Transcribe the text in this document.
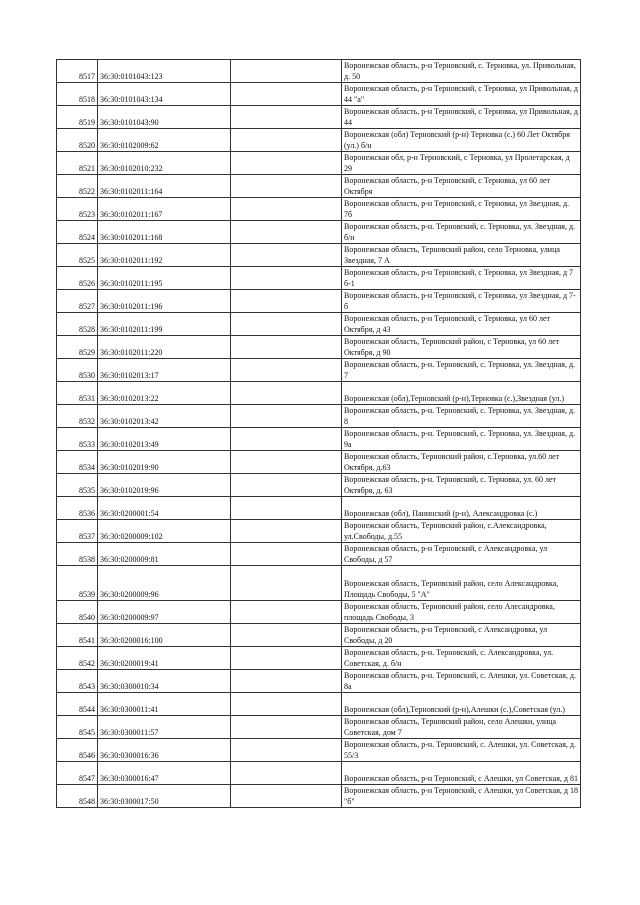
8517	36:30:0101043:123		Воронежская область, р-н Терновский, с. Терновка, ул. Привольная, д. 50
8518	36:30:0101043:134		Воронежская область, р-н Терновский, с Терновка, ул Привольная, д 44 "а"
8519	36:30:0101043:90		Воронежская область, р-н Терновский, с Терновка, ул Привольная, д 44
8520	36:30:0102009:62		Воронежская (обл) Терновский (р-н) Терновка (с.) 60 Лет Октября (ул.) б/н
8521	36:30:0102010:232		Воронежская обл, р-н Терновский, с Терновка, ул Пролетарская, д 29
8522	36:30:0102011:164		Воронежская область, р-н Терновский, с Терновка, ул 60 лет Октября
8523	36:30:0102011:167		Воронежская область, р-н Терновский, с Терновка, ул Звездная, д. 7б
8524	36:30:0102011:168		Воронежская область, р-н. Терновский, с. Терновка, ул. Звездная, д. б/н
8525	36:30:0102011:192		Воронежская область, Терновский район, село Терновка, улица Звездная, 7 А
8526	36:30:0102011:195		Воронежская область, р-н Терновский, с Терновка, ул Звездная, д 7 б-1
8527	36:30:0102011:196		Воронежская область, р-н Терновский, с Терновка, ул Звездная, д 7-б
8528	36:30:0102011:199		Воронежская область, р-н Терновский, с Терновка, ул 60 лет Октября, д 43
8529	36:30:0102011:220		Воронежская область, Терновский район, с Терновка, ул 60 лет Октября, д 90
8530	36:30:0102013:17		Воронежская область, р-н. Терновский, с. Терновка, ул. Звездная, д. 7
8531	36:30:0102013:22		Воронежская (обл),Терновский (р-н),Терновка (с.),Звездная (ул.)
8532	36:30:0102013:42		Воронежская область, р-н. Терновский, с. Терновка, ул. Звездная, д. 8
8533	36:30:0102013:49		Воронежская область, р-н. Терновский, с. Терновка, ул. Звездная, д. 9а
8534	36:30:0102019:90		Воронежская область, Терновский район, с.Терновка, ул.60 лет Октября, д.63
8535	36:30:0102019:96		Воронежская область, р-н. Терновский, с. Терновка, ул. 60 лет Октября, д. 63
8536	36:30:0200001:54		Воронежская (обл), Панинский (р-н), Александровка (с.)
8537	36:30:0200009:102		Воронежская область, Терновский район, с.Александровка, ул.Свободы, д.55
8538	36:30:0200009:81		Воронежская область, р-н Терновский, с Александровка, ул Свободы, д 57
8539	36:30:0200009:96		Воронежская область, Терновский район, село Александровка, Площадь Свободы, 5 "А"
8540	36:30:0200009:97		Воронежская область, Терновский район, село Алесандровка, площадь Свободы, 3
8541	36:30:0200016:100		Воронежская область, р-н Терновский, с Александровка, ул Свободы, д 20
8542	36:30:0200019:41		Воронежская область, р-н. Терновский, с. Александровка, ул. Советская, д. б/н
8543	36:30:0300010:34		Воронежская область, р-н. Терновский, с. Алешки, ул. Советская, д. 8а
8544	36:30:0300011:41		Воронежская (обл),Терновский (р-н),Алешки (с.),Советская (ул.)
8545	36:30:0300011:57		Воронежская область, Терновский район, село Алешки, улица Советская, дом 7
8546	36:30:0300016:36		Воронежская область, р-н. Терновский, с. Алешки, ул. Советская, д. 55/3
8547	36:30:0300016:47		Воронежская область, р-н Терновский, с Алешки, ул Советская, д 81
8548	36:30:0300017:50		Воронежская область, р-н Терновский, с Алешки, ул Советская, д 18 "б"
